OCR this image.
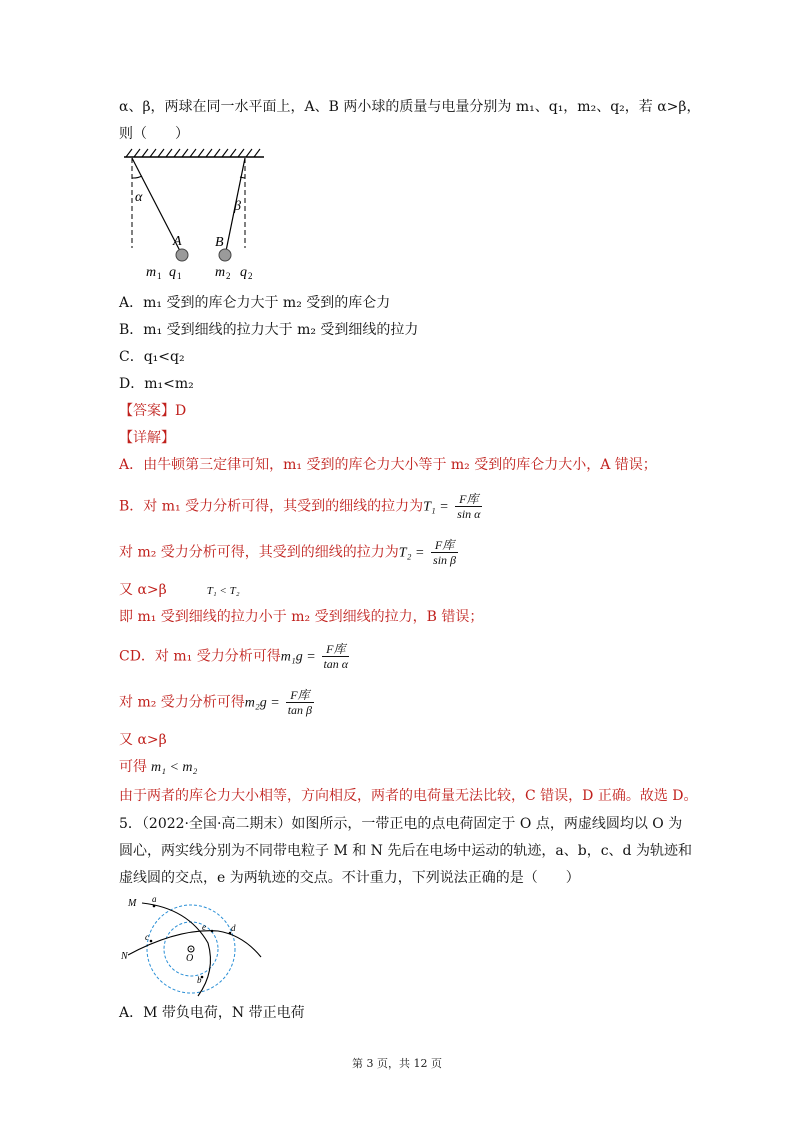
α、β，两球在同一水平面上，A、B 两小球的质量与电量分别为 m₁、q₁，m₂、q₂，若 α>β，
则（　　）
α
β
A B
m 1 q 1 m 2 q 2
A．m₁ 受到的库仑力大于 m₂ 受到的库仑力
B．m₁ 受到细线的拉力大于 m₂ 受到细线的拉力
C．q₁<q₂
D．m₁<m₂
【答案】D
【详解】
A．由牛顿第三定律可知，m₁ 受到的库仑力大小等于 m₂ 受到的库仑力大小，A 错误；
B．对 m₁ 受力分析可得，其受到的细线的拉力为$T_1 = \frac{\text{F库}}{\text{sin α}}$
对 m₂ 受力分析可得，其受到的细线的拉力为$T_2 = \frac{\text{F库}}{\text{sin β}}$
又 α>β	T₁ < T₂
即 m₁ 受到细线的拉力小于 m₂ 受到细线的拉力，B 错误；
CD．对 m₁ 受力分析可得$m_1g = \frac{\text{F库}}{\text{tan α}}$
对 m₂ 受力分析可得$m_2g = \frac{\text{F库}}{\text{tan β}}$
又 α>β
可得 m₁ < m₂
由于两者的库仑力大小相等，方向相反，两者的电荷量无法比较，C 错误，D 正确。故选 D。
5．（2022·全国·高二期末）如图所示，一带正电的点电荷固定于 O 点，两虚线圆均以 O 为
圆心，两实线分别为不同带电粒子 M 和 N 先后在电场中运动的轨迹，a、b，c、d 为轨迹和
虚线圆的交点，e 为两轨迹的交点。不计重力，下列说法正确的是（　　）
M
N
a
c
e	d
b
O
A．M 带负电荷，N 带正电荷
第 3 页，共 12 页
